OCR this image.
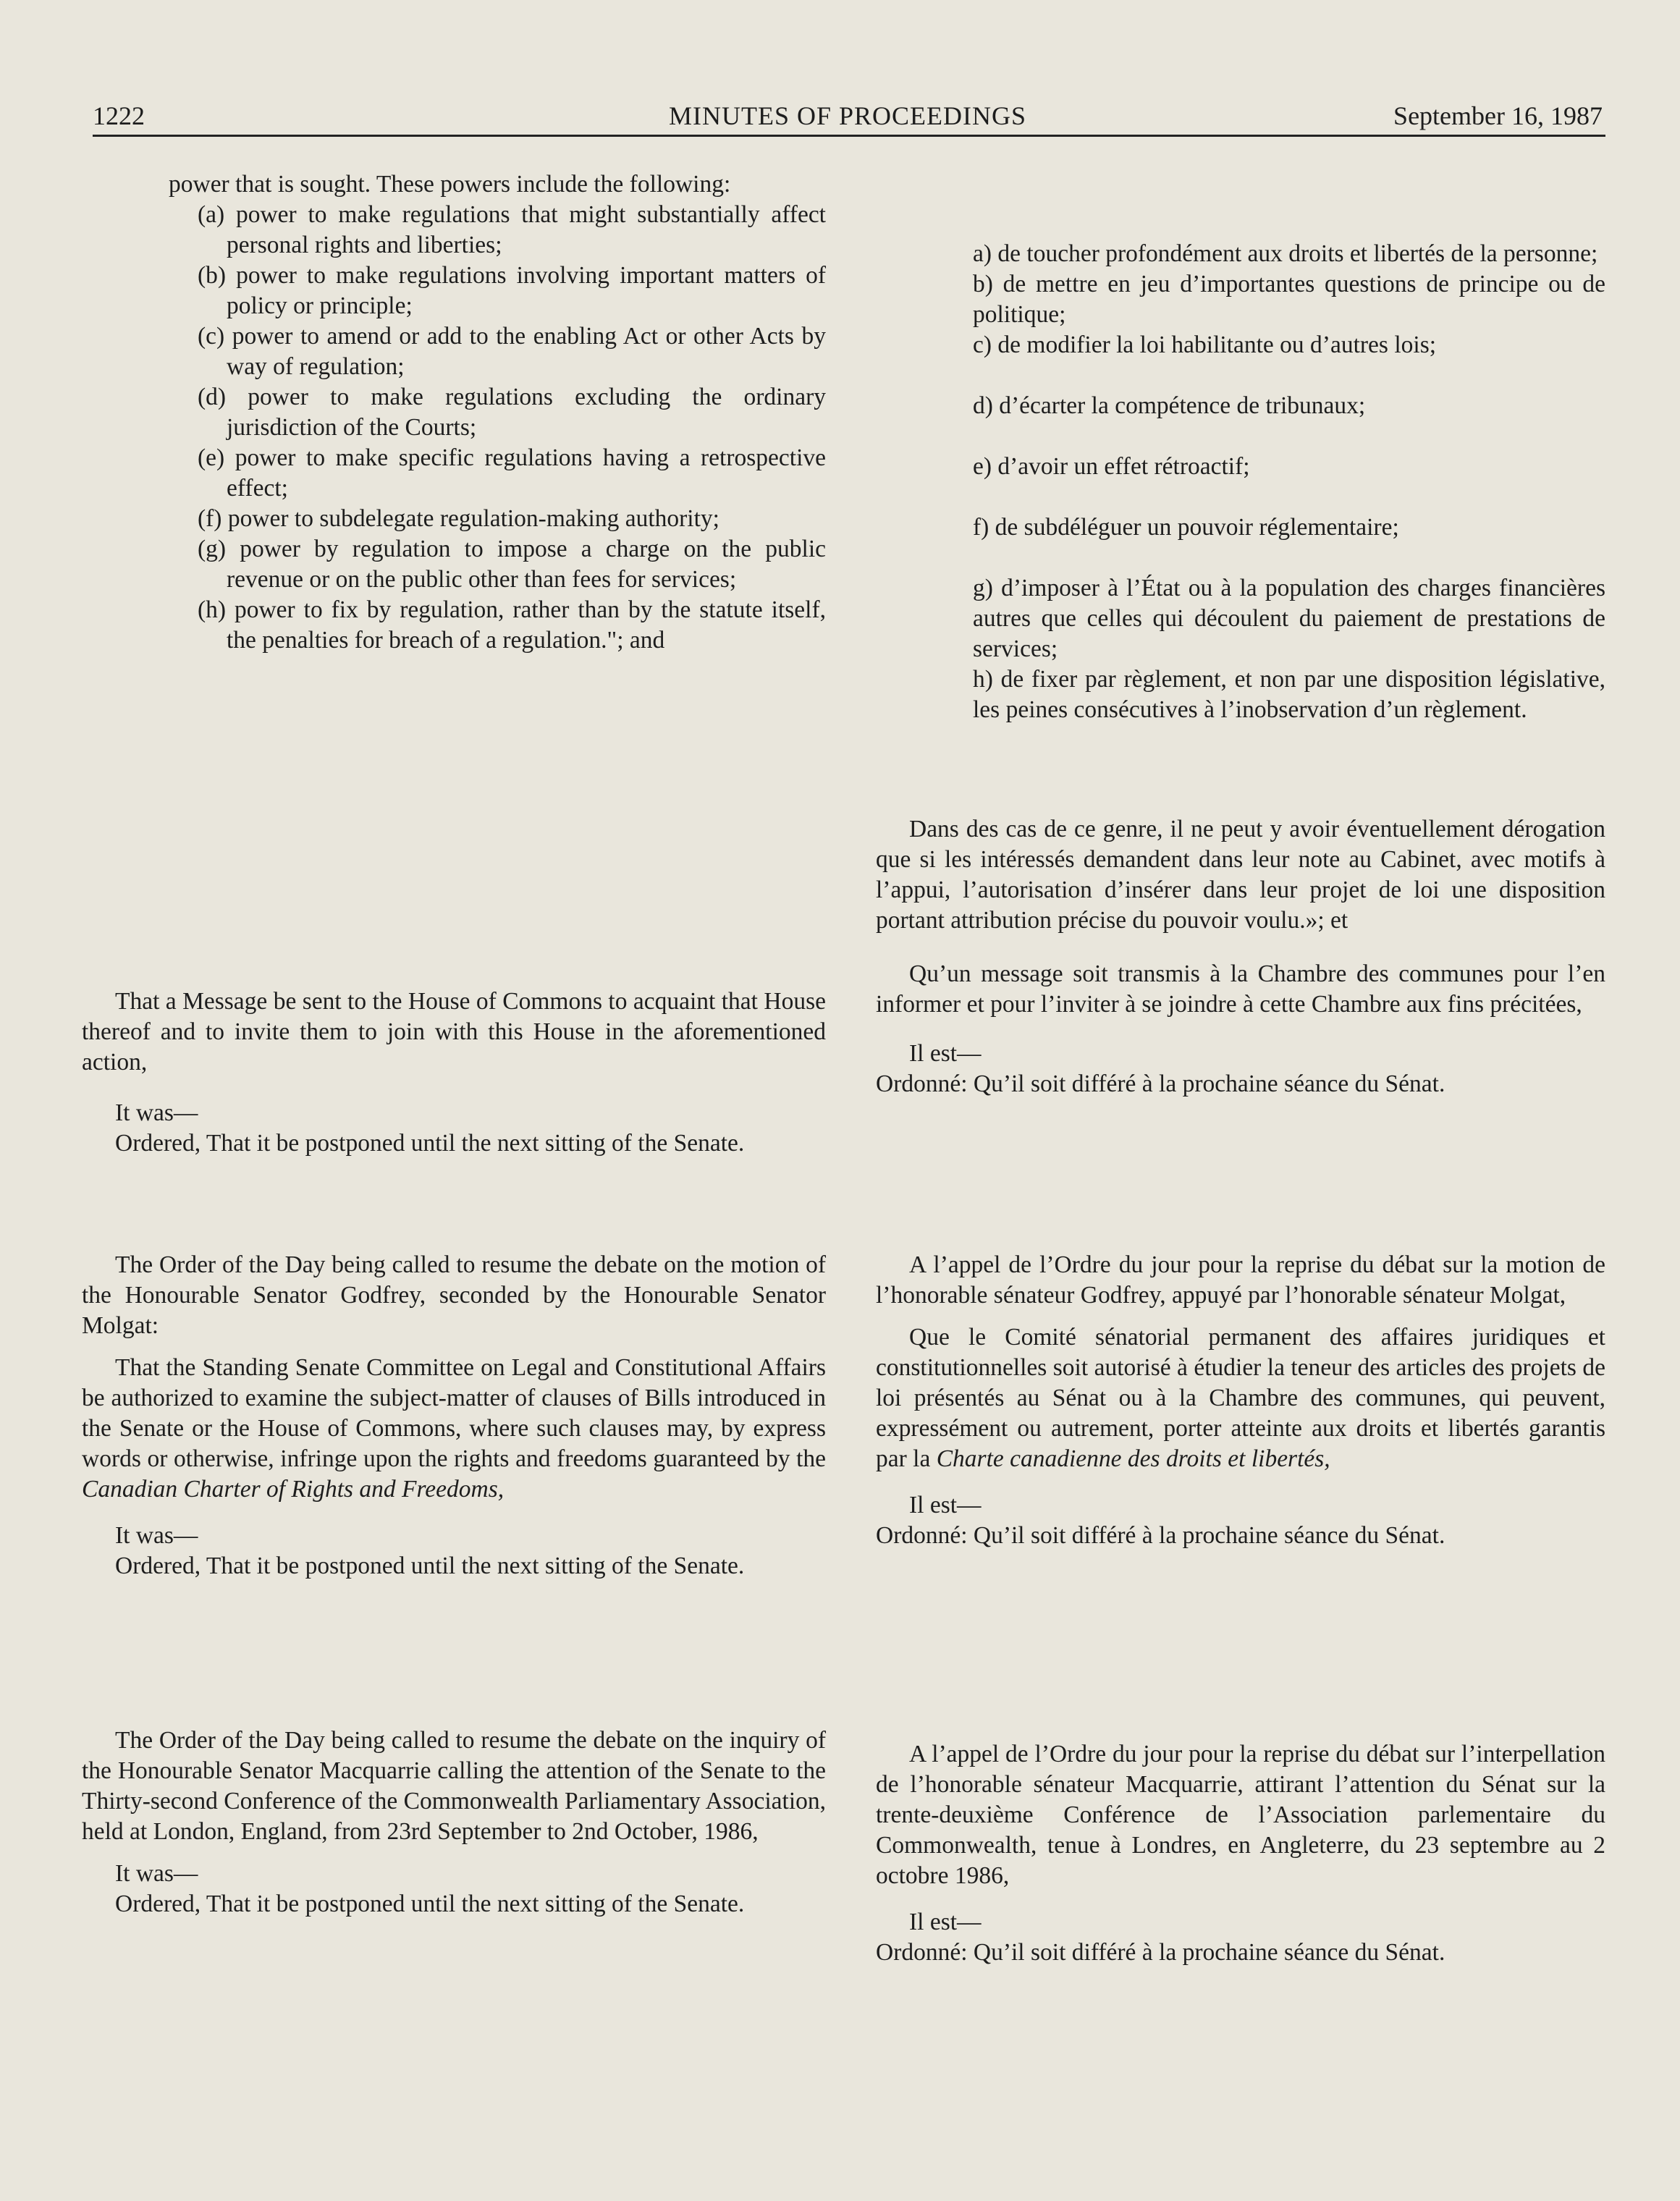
1222	MINUTES OF PROCEEDINGS	September 16, 1987

power that is sought. These powers include the following:

(a) power to make regulations that might substantially affect personal rights and liberties;

(b) power to make regulations involving important matters of policy or principle;

(c) power to amend or add to the enabling Act or other Acts by way of regulation;

(d) power to make regulations excluding the ordinary jurisdiction of the Courts;

(e) power to make specific regulations having a retrospective effect;

(f) power to subdelegate regulation-making authority;

(g) power by regulation to impose a charge on the public revenue or on the public other than fees for services;

(h) power to fix by regulation, rather than by the statute itself, the penalties for breach of a regulation."; and

That a Message be sent to the House of Commons to acquaint that House thereof and to invite them to join with this House in the aforementioned action,

It was—

Ordered, That it be postponed until the next sitting of the Senate.

The Order of the Day being called to resume the debate on the motion of the Honourable Senator Godfrey, seconded by the Honourable Senator Molgat:

That the Standing Senate Committee on Legal and Constitutional Affairs be authorized to examine the subject-matter of clauses of Bills introduced in the Senate or the House of Commons, where such clauses may, by express words or otherwise, infringe upon the rights and freedoms guaranteed by the Canadian Charter of Rights and Freedoms,

It was—

Ordered, That it be postponed until the next sitting of the Senate.

The Order of the Day being called to resume the debate on the inquiry of the Honourable Senator Macquarrie calling the attention of the Senate to the Thirty-second Conference of the Commonwealth Parliamentary Association, held at London, England, from 23rd September to 2nd October, 1986,

It was—

Ordered, That it be postponed until the next sitting of the Senate.

a) de toucher profondément aux droits et libertés de la personne;

b) de mettre en jeu d’importantes questions de principe ou de politique;

c) de modifier la loi habilitante ou d’autres lois;

d) d’écarter la compétence de tribunaux;

e) d’avoir un effet rétroactif;

f) de subdéléguer un pouvoir réglementaire;

g) d’imposer à l’État ou à la population des charges financières autres que celles qui découlent du paiement de prestations de services;

h) de fixer par règlement, et non par une disposition législative, les peines consécutives à l’inobservation d’un règlement.

Dans des cas de ce genre, il ne peut y avoir éventuellement dérogation que si les intéressés demandent dans leur note au Cabinet, avec motifs à l’appui, l’autorisation d’insérer dans leur projet de loi une disposition portant attribution précise du pouvoir voulu.»; et

Qu’un message soit transmis à la Chambre des communes pour l’en informer et pour l’inviter à se joindre à cette Chambre aux fins précitées,

Il est—

Ordonné: Qu’il soit différé à la prochaine séance du Sénat.

A l’appel de l’Ordre du jour pour la reprise du débat sur la motion de l’honorable sénateur Godfrey, appuyé par l’honorable sénateur Molgat,

Que le Comité sénatorial permanent des affaires juridiques et constitutionnelles soit autorisé à étudier la teneur des articles des projets de loi présentés au Sénat ou à la Chambre des communes, qui peuvent, expressément ou autrement, porter atteinte aux droits et libertés garantis par la Charte canadienne des droits et libertés,

Il est—

Ordonné: Qu’il soit différé à la prochaine séance du Sénat.

A l’appel de l’Ordre du jour pour la reprise du débat sur l’interpellation de l’honorable sénateur Macquarrie, attirant l’attention du Sénat sur la trente-deuxième Conférence de l’Association parlementaire du Commonwealth, tenue à Londres, en Angleterre, du 23 septembre au 2 octobre 1986,

Il est—

Ordonné: Qu’il soit différé à la prochaine séance du Sénat.
